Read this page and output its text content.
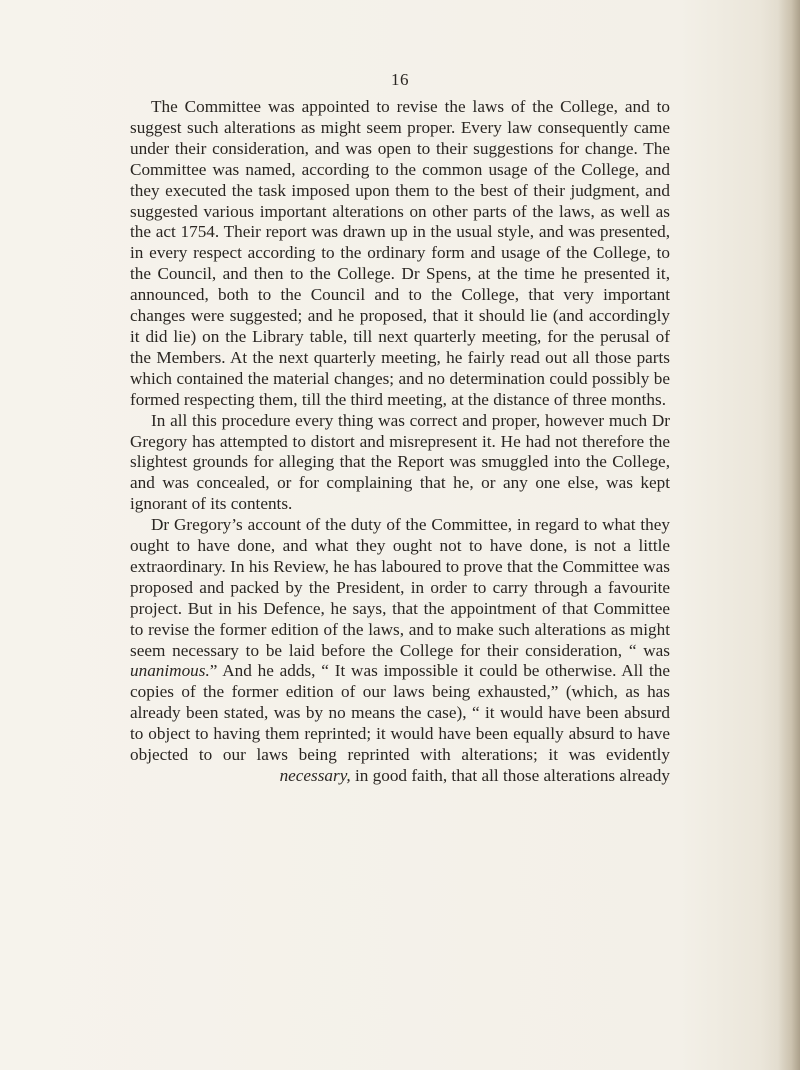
16

The Committee was appointed to revise the laws of the College, and to suggest such alterations as might seem proper. Every law consequently came under their consideration, and was open to their suggestions for change. The Committee was named, according to the common usage of the College, and they executed the task imposed upon them to the best of their judgment, and suggested various important alterations on other parts of the laws, as well as the act 1754. Their report was drawn up in the usual style, and was presented, in every respect according to the ordinary form and usage of the College, to the Council, and then to the College. Dr Spens, at the time he presented it, announced, both to the Council and to the College, that very important changes were suggested; and he proposed, that it should lie (and accordingly it did lie) on the Library table, till next quarterly meeting, for the perusal of the Members. At the next quarterly meeting, he fairly read out all those parts which contained the material changes; and no determination could possibly be formed respecting them, till the third meeting, at the distance of three months.

In all this procedure every thing was correct and proper, however much Dr Gregory has attempted to distort and misrepresent it. He had not therefore the slightest grounds for alleging that the Report was smuggled into the College, and was concealed, or for complaining that he, or any one else, was kept ignorant of its contents.

Dr Gregory’s account of the duty of the Committee, in regard to what they ought to have done, and what they ought not to have done, is not a little extraordinary. In his Review, he has laboured to prove that the Committee was proposed and packed by the President, in order to carry through a favourite project. But in his Defence, he says, that the appointment of that Committee to revise the former edition of the laws, and to make such alterations as might seem necessary to be laid before the College for their consideration, “ was unanimous.” And he adds, “ It was impossible it could be otherwise. All the copies of the former edition of our laws being exhausted,” (which, as has already been stated, was by no means the case), “ it would have been absurd to object to having them reprinted; it would have been equally absurd to have objected to our laws being reprinted with alterations; it was evidently necessary, in good faith, that all those alterations already
